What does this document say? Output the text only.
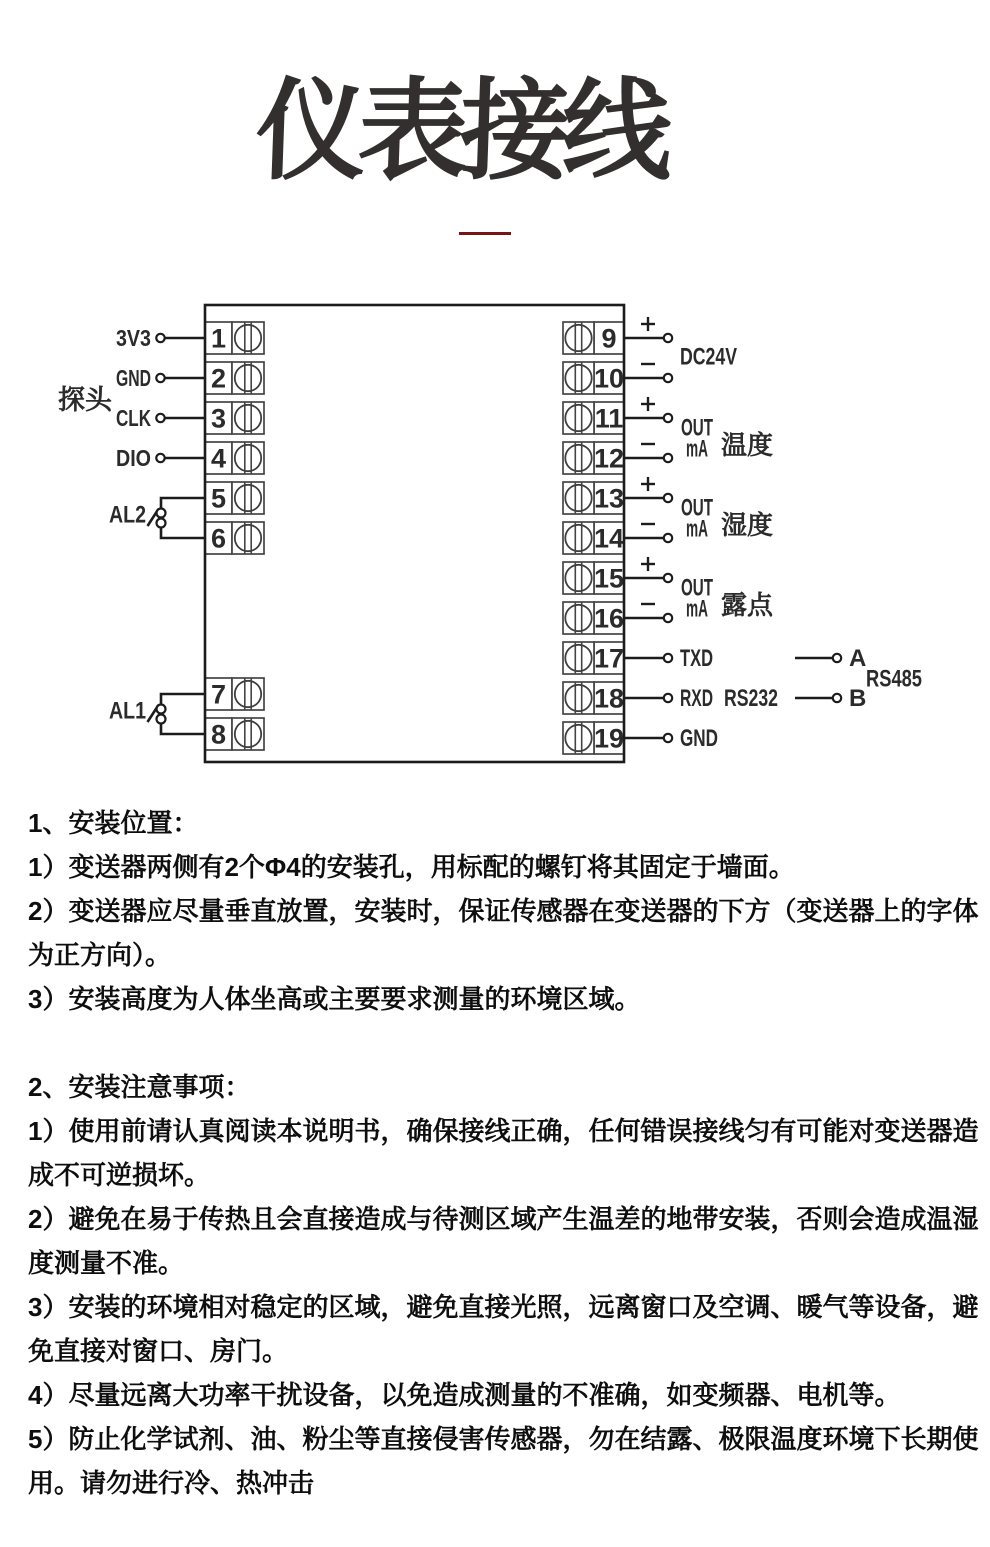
仪表接线
1
2
3
4
5
6
7
8
9
10
11
12
13
14
15
16
17
18
19
3V3
GND
CLK
DIO
探头
AL2
AL1
DC24V
OUT
mA 温度
OUT
mA 湿度
OUT
mA 露点
TXD
RXD RS232
GND
A
B
RS485
1、安装位置：
1）变送器两侧有2个Φ4的安装孔，用标配的螺钉将其固定于墙面。
2）变送器应尽量垂直放置，安装时，保证传感器在变送器的下方（变送器上的字体
为正方向）。
3）安装高度为人体坐高或主要要求测量的环境区域。
2、安装注意事项：
1）使用前请认真阅读本说明书，确保接线正确，任何错误接线匀有可能对变送器造
成不可逆损坏。
2）避免在易于传热且会直接造成与待测区域产生温差的地带安装，否则会造成温湿
度测量不准。
3）安装的环境相对稳定的区域，避免直接光照，远离窗口及空调、暖气等设备，避
免直接对窗口、房门。
4）尽量远离大功率干扰设备，以免造成测量的不准确，如变频器、电机等。
5）防止化学试剂、油、粉尘等直接侵害传感器，勿在结露、极限温度环境下长期使
用。请勿进行冷、热冲击
